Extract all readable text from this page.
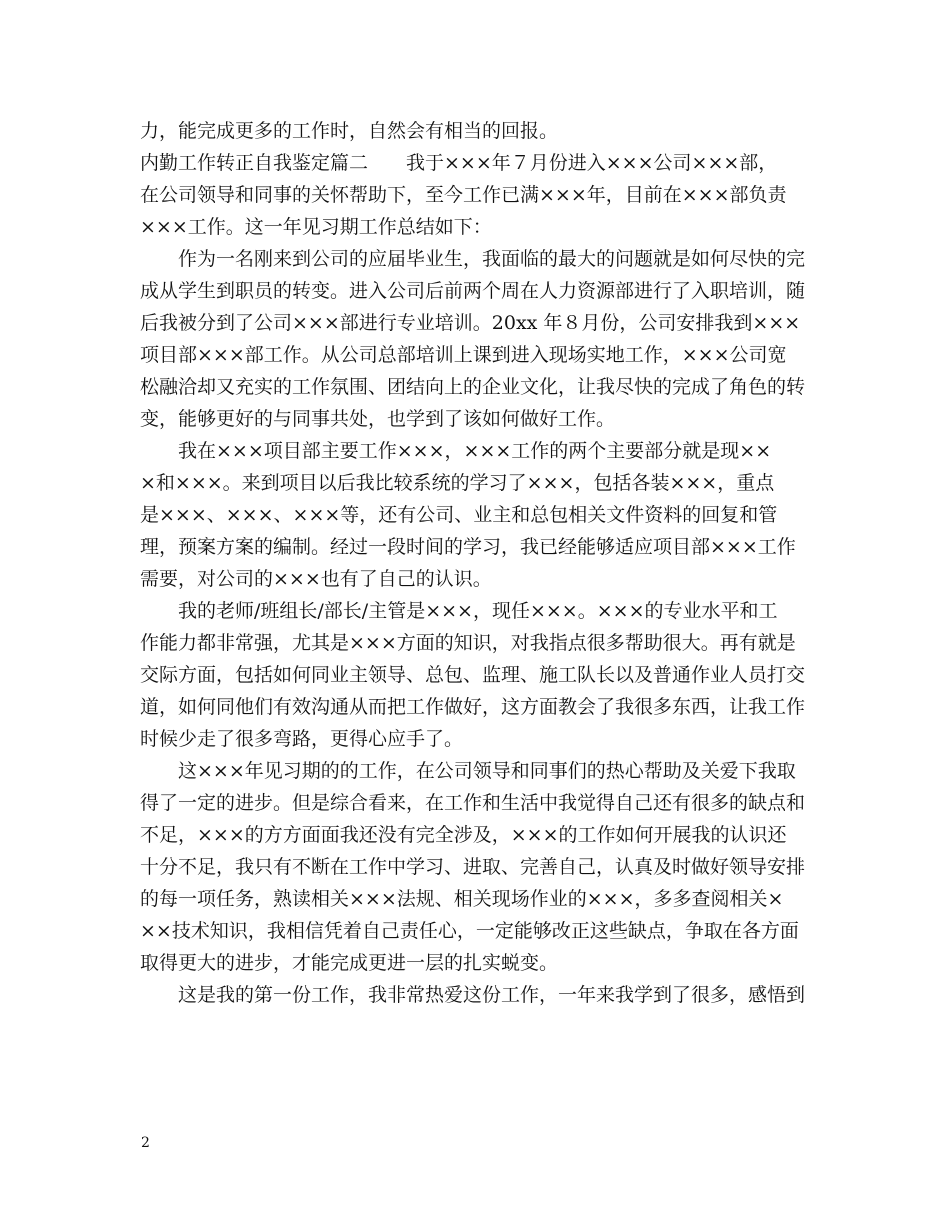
力，能完成更多的工作时，自然会有相当的回报。
内勤工作转正自我鉴定篇二　　我于×××年７月份进入×××公司×××部，
在公司领导和同事的关怀帮助下，至今工作已满×××年，目前在×××部负责
×××工作。这一年见习期工作总结如下：
　　作为一名刚来到公司的应届毕业生，我面临的最大的问题就是如何尽快的完
成从学生到职员的转变。进入公司后前两个周在人力资源部进行了入职培训，随
后我被分到了公司×××部进行专业培训。20xx 年８月份，公司安排我到×××
项目部×××部工作。从公司总部培训上课到进入现场实地工作，×××公司宽
松融洽却又充实的工作氛围、团结向上的企业文化，让我尽快的完成了角色的转
变，能够更好的与同事共处，也学到了该如何做好工作。
　　我在×××项目部主要工作×××，×××工作的两个主要部分就是现××
×和×××。来到项目以后我比较系统的学习了×××，包括各装×××，重点
是×××、×××、×××等，还有公司、业主和总包相关文件资料的回复和管
理，预案方案的编制。经过一段时间的学习，我已经能够适应项目部×××工作
需要，对公司的×××也有了自己的认识。
　　我的老师/班组长/部长/主管是×××，现任×××。×××的专业水平和工
作能力都非常强，尤其是×××方面的知识，对我指点很多帮助很大。再有就是
交际方面，包括如何同业主领导、总包、监理、施工队长以及普通作业人员打交
道，如何同他们有效沟通从而把工作做好，这方面教会了我很多东西，让我工作
时候少走了很多弯路，更得心应手了。
　　这×××年见习期的的工作，在公司领导和同事们的热心帮助及关爱下我取
得了一定的进步。但是综合看来，在工作和生活中我觉得自己还有很多的缺点和
不足，×××的方方面面我还没有完全涉及，×××的工作如何开展我的认识还
十分不足，我只有不断在工作中学习、进取、完善自己，认真及时做好领导安排
的每一项任务，熟读相关×××法规、相关现场作业的×××，多多查阅相关×
××技术知识，我相信凭着自己责任心，一定能够改正这些缺点，争取在各方面
取得更大的进步，才能完成更进一层的扎实蜕变。
　　这是我的第一份工作，我非常热爱这份工作，一年来我学到了很多，感悟到
2
